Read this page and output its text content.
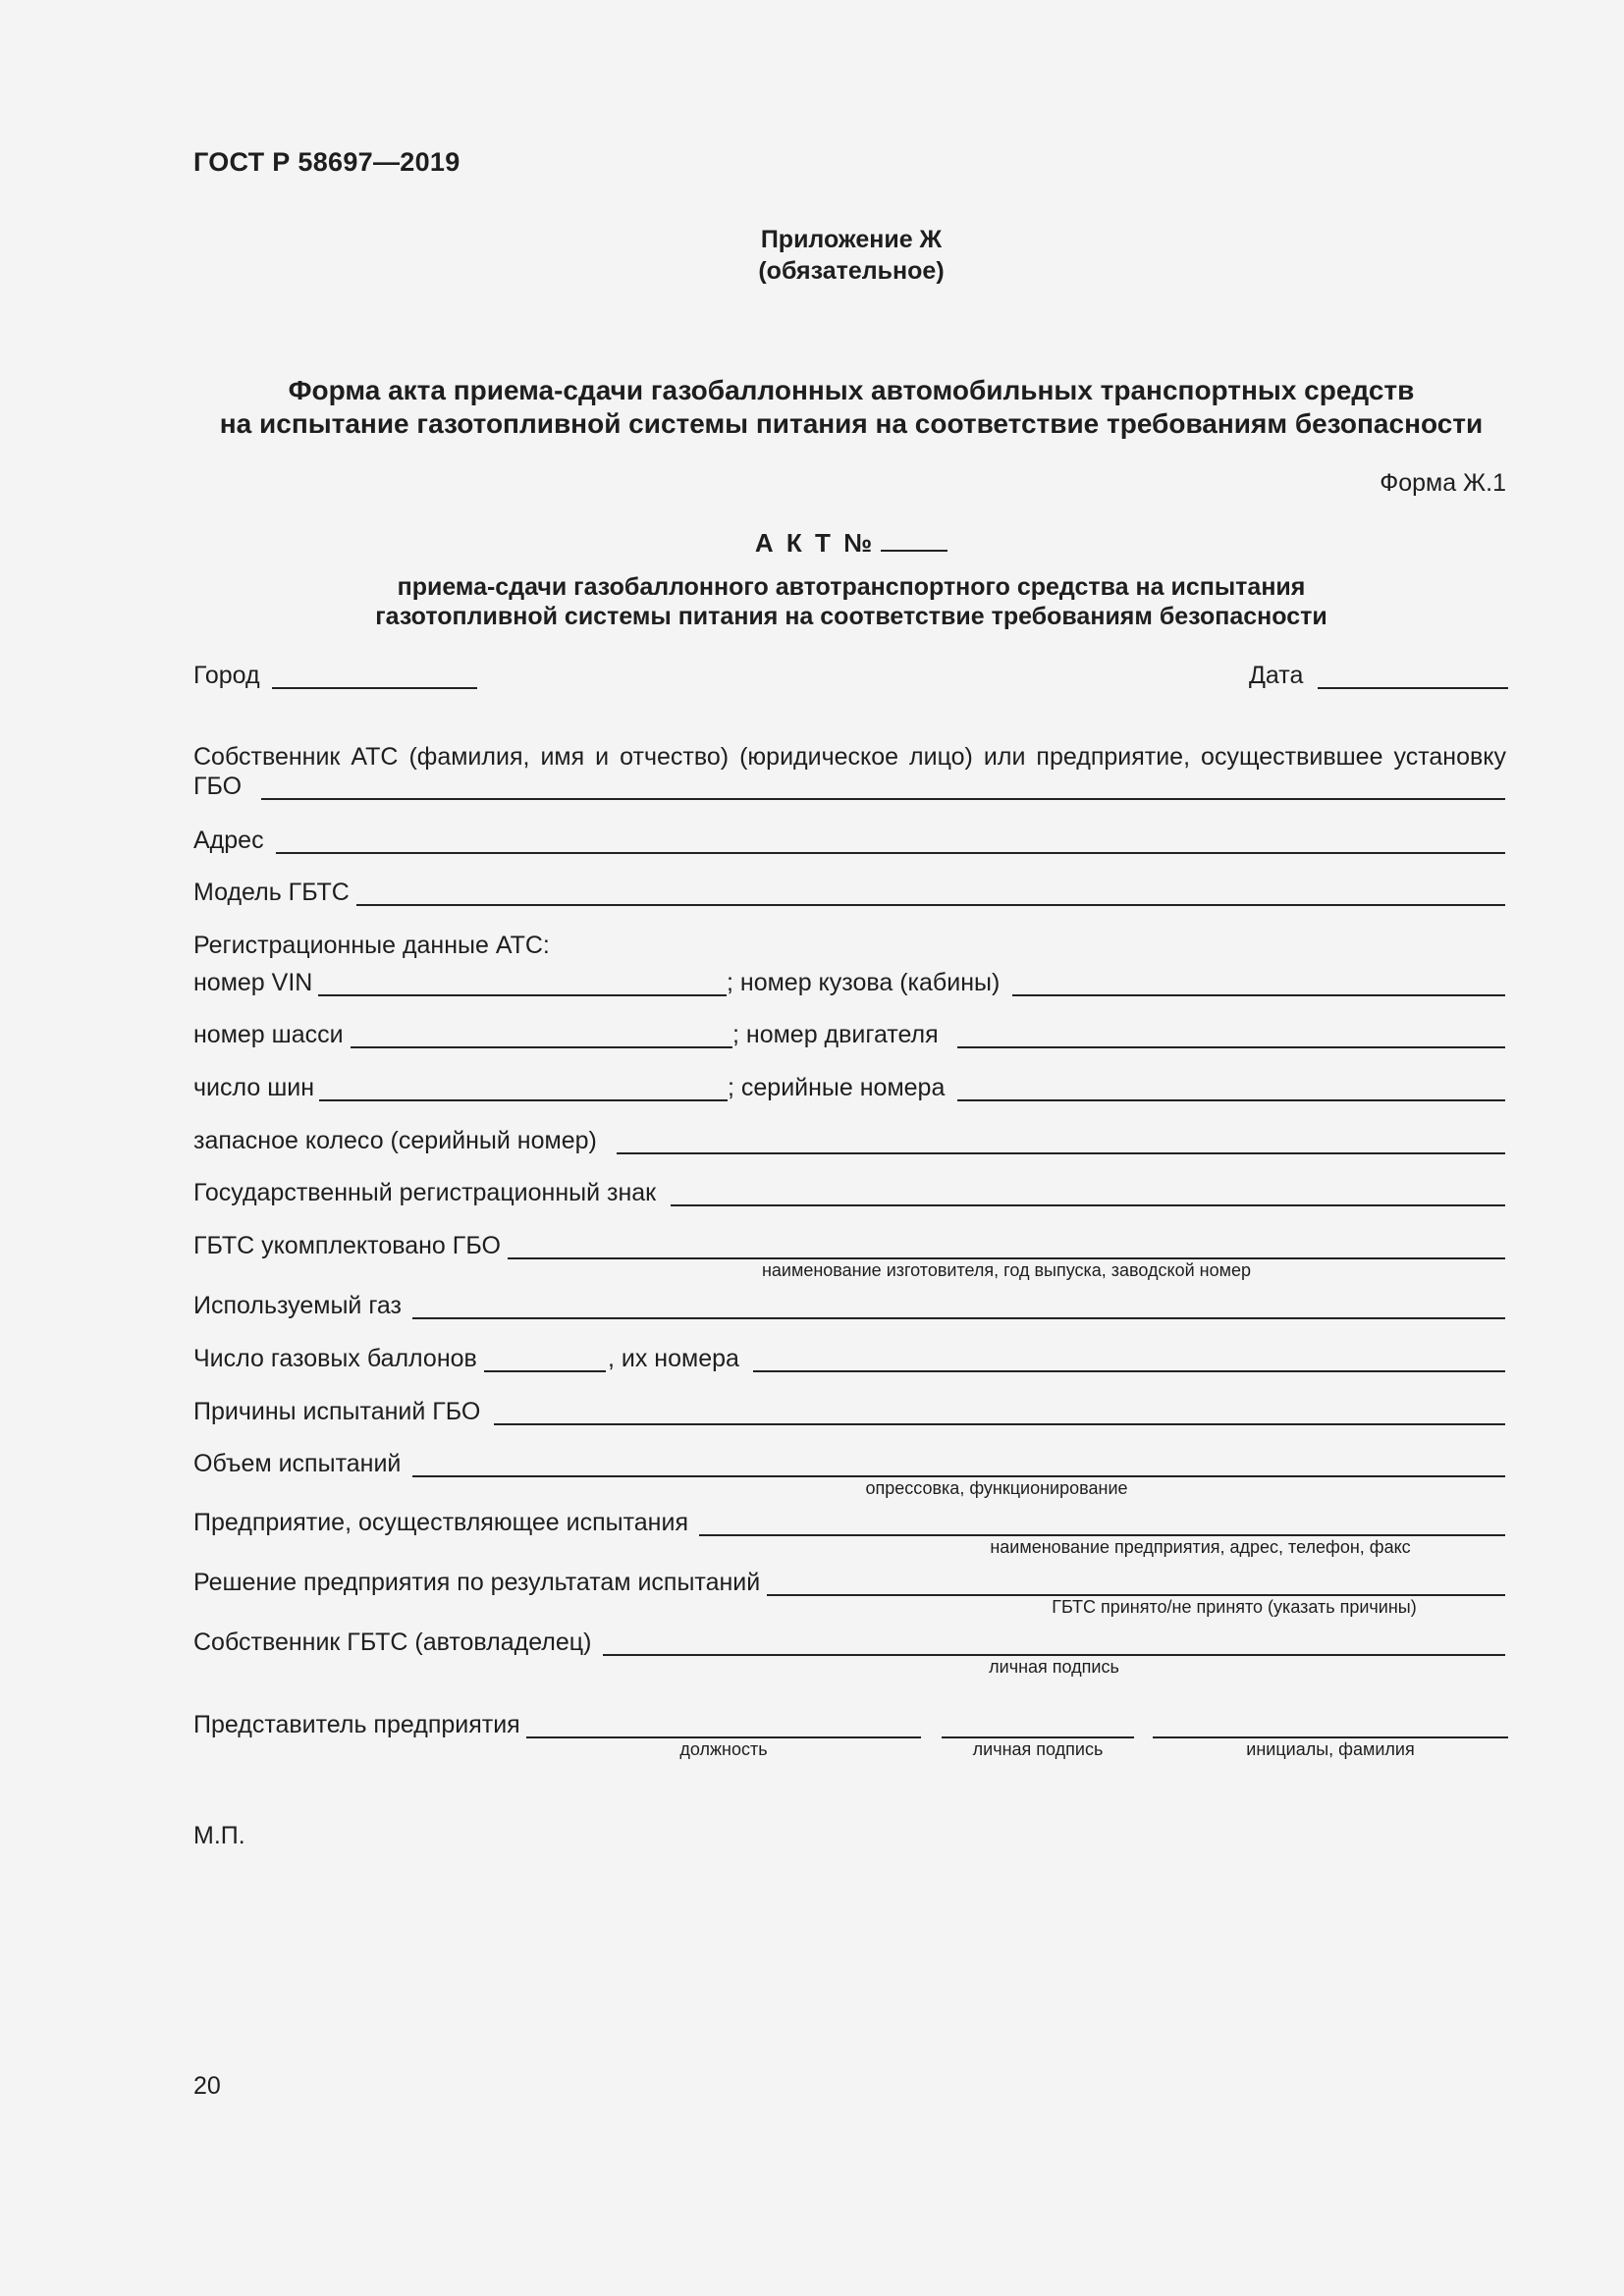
ГОСТ Р 58697—2019
Приложение Ж
(обязательное)
Форма акта приема-сдачи газобаллонных автомобильных транспортных средств
на испытание газотопливной системы питания на соответствие требованиям безопасности
Форма Ж.1
А К Т №
приема-сдачи газобаллонного автотранспортного средства на испытания
газотопливной системы питания на соответствие требованиям безопасности
Город	Дата
Собственник АТС (фамилия, имя и отчество) (юридическое лицо) или предприятие, осуществившее установку
ГБО
Адрес
Модель ГБТС
Регистрационные данные АТС:
номер VIN	; номер кузова (кабины)
номер шасси	; номер двигателя
число шин	; серийные номера
запасное колесо (серийный номер)
Государственный регистрационный знак
ГБТС укомплектовано ГБО
наименование изготовителя, год выпуска, заводской номер
Используемый газ
Число газовых баллонов	, их номера
Причины испытаний ГБО
Объем испытаний
опрессовка, функционирование
Предприятие, осуществляющее испытания
наименование предприятия, адрес, телефон, факс
Решение предприятия по результатам испытаний
ГБТС принято/не принято (указать причины)
Собственник ГБТС (автовладелец)
личная подпись
Представитель предприятия
должность	личная подпись	инициалы, фамилия
М.П.
20
